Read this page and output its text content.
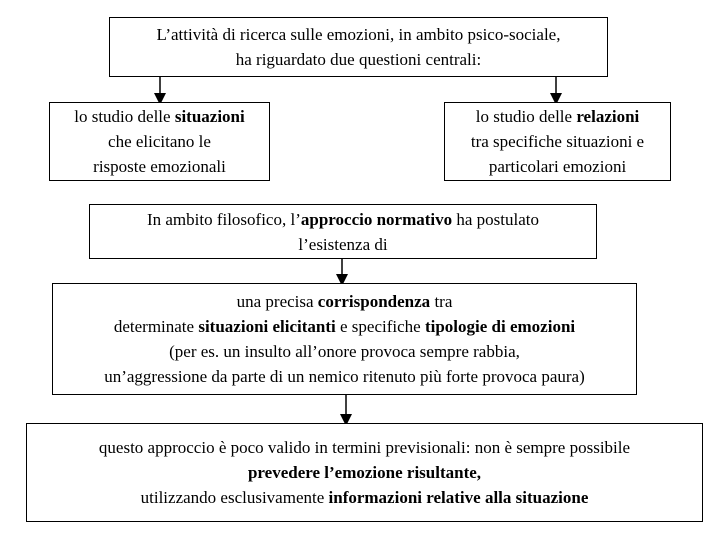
L’attività di ricerca sulle emozioni, in ambito psico-sociale,
ha riguardato due questioni centrali:
lo studio delle situazioni
che elicitano le
risposte emozionali
lo studio delle relazioni
tra specifiche situazioni e
particolari emozioni
In ambito filosofico, l’approccio normativo ha postulato
l’esistenza di
una precisa corrispondenza tra
determinate situazioni elicitanti e specifiche tipologie di emozioni
(per es. un insulto all’onore provoca sempre rabbia,
un’aggressione da parte di un nemico ritenuto più forte provoca paura)
questo approccio è poco valido in termini previsionali: non è sempre possibile
prevedere l’emozione risultante,
utilizzando esclusivamente informazioni relative alla situazione
